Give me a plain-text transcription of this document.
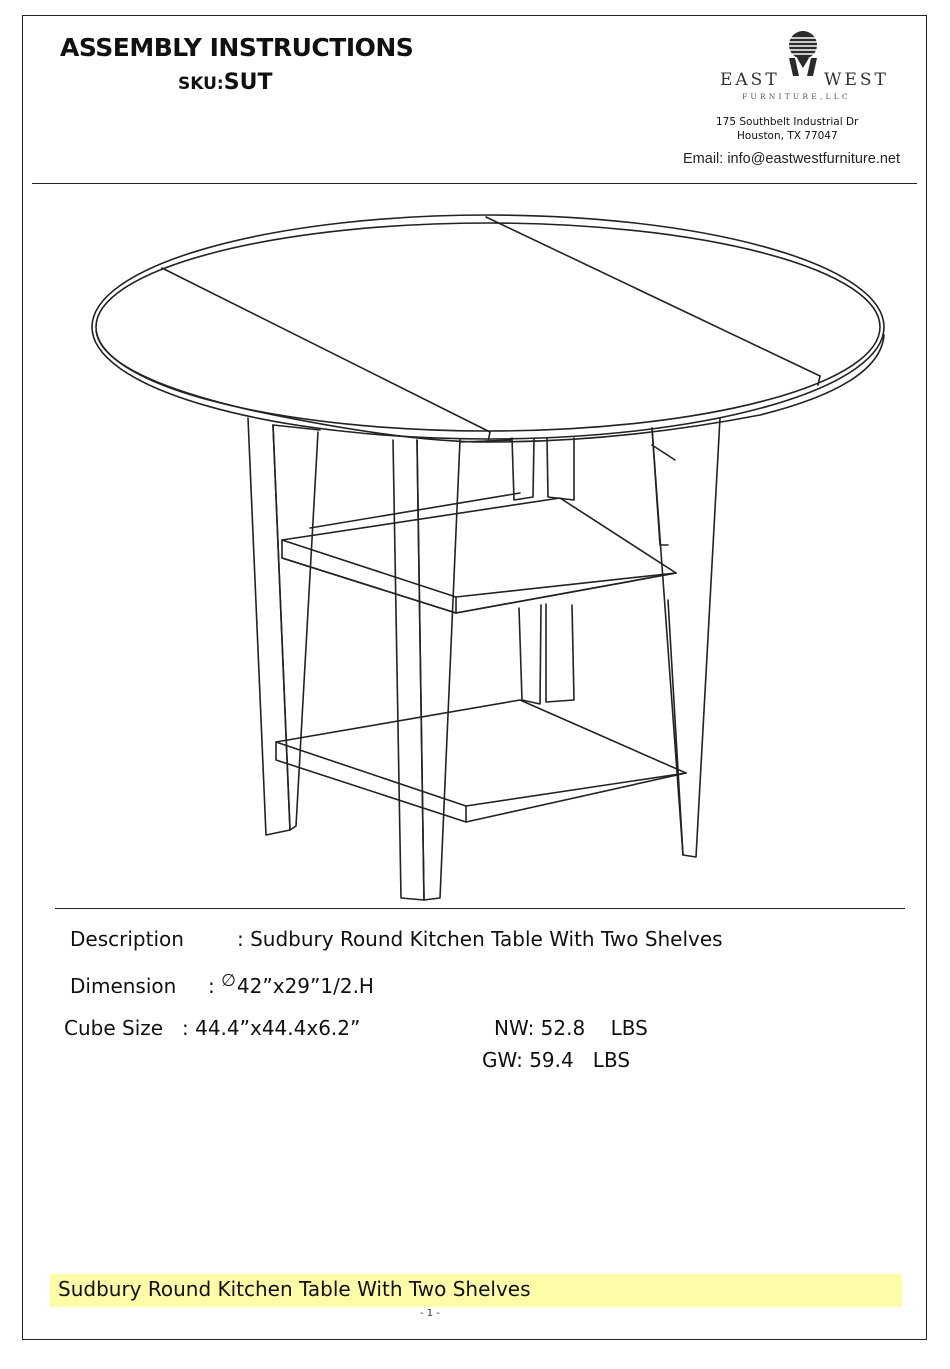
ASSEMBLY INSTRUCTIONS
SKU:SUT	EAST	WEST
FURNITURE,LLC
175 Southbelt Industrial Dr
Houston, TX 77047
Email: info@eastwestfurniture.net
Description	: Sudbury Round Kitchen Table With Two Shelves
Dimension : ∅42”x29”1/2.H
Cube Size : 44.4”x44.4x6.2”	NW: 52.8    LBS
GW: 59.4   LBS
Sudbury Round Kitchen Table With Two Shelves
- 1 -
